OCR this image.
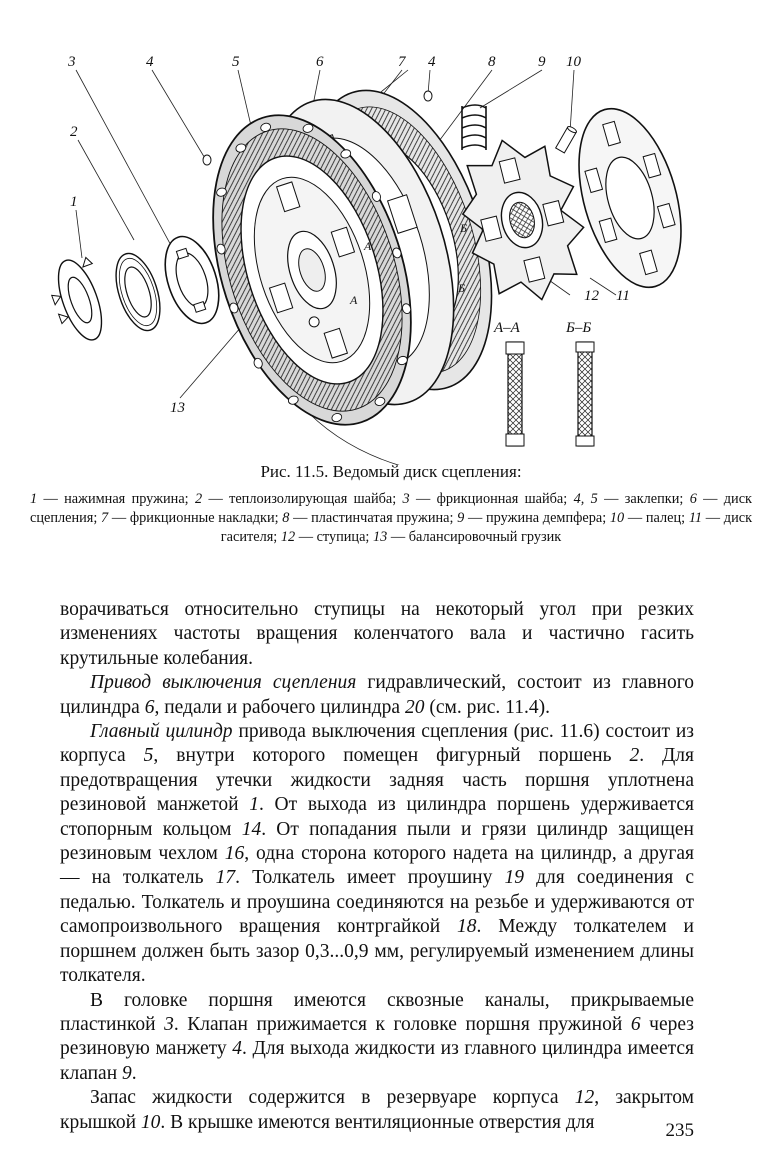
3	4	5	6	7 4	8	9 10
2
1
11
12
13
А–А	Б–Б
А
А
Б
Б
Рис. 11.5. Ведомый диск сцепления:
1 — нажимная пружина; 2 — теплоизолирующая шайба; 3 — фрикционная шайба; 4, 5 — заклепки; 6 — диск сцепления; 7 — фрикционные накладки; 8 — пластинчатая пружина; 9 — пружина демпфера; 10 — палец; 11 — диск гасителя; 12 — ступица; 13 — балансировочный грузик

ворачиваться относительно ступицы на некоторый угол при резких изменениях частоты вращения коленчатого вала и частично гасить крутильные колебания.

Привод выключения сцепления гидравлический, состоит из главного цилиндра 6, педали и рабочего цилиндра 20 (см. рис. 11.4).

Главный цилиндр привода выключения сцепления (рис. 11.6) состоит из корпуса 5, внутри которого помещен фигурный поршень 2. Для предотвращения утечки жидкости задняя часть поршня уплотнена резиновой манжетой 1. От выхода из цилиндра поршень удерживается стопорным кольцом 14. От попадания пыли и грязи цилиндр защищен резиновым чехлом 16, одна сторона которого надета на цилиндр, а другая — на толкатель 17. Толкатель имеет проушину 19 для соединения с педалью. Толкатель и проушина соединяются на резьбе и удерживаются от самопроизвольного вращения контргайкой 18. Между толкателем и поршнем должен быть зазор 0,3...0,9 мм, регулируемый изменением длины толкателя.

В головке поршня имеются сквозные каналы, прикрываемые пластинкой 3. Клапан прижимается к головке поршня пружиной 6 через резиновую манжету 4. Для выхода жидкости из главного цилиндра имеется клапан 9.

Запас жидкости содержится в резервуаре корпуса 12, закрытом крышкой 10. В крышке имеются вентиляционные отверстия для	235
